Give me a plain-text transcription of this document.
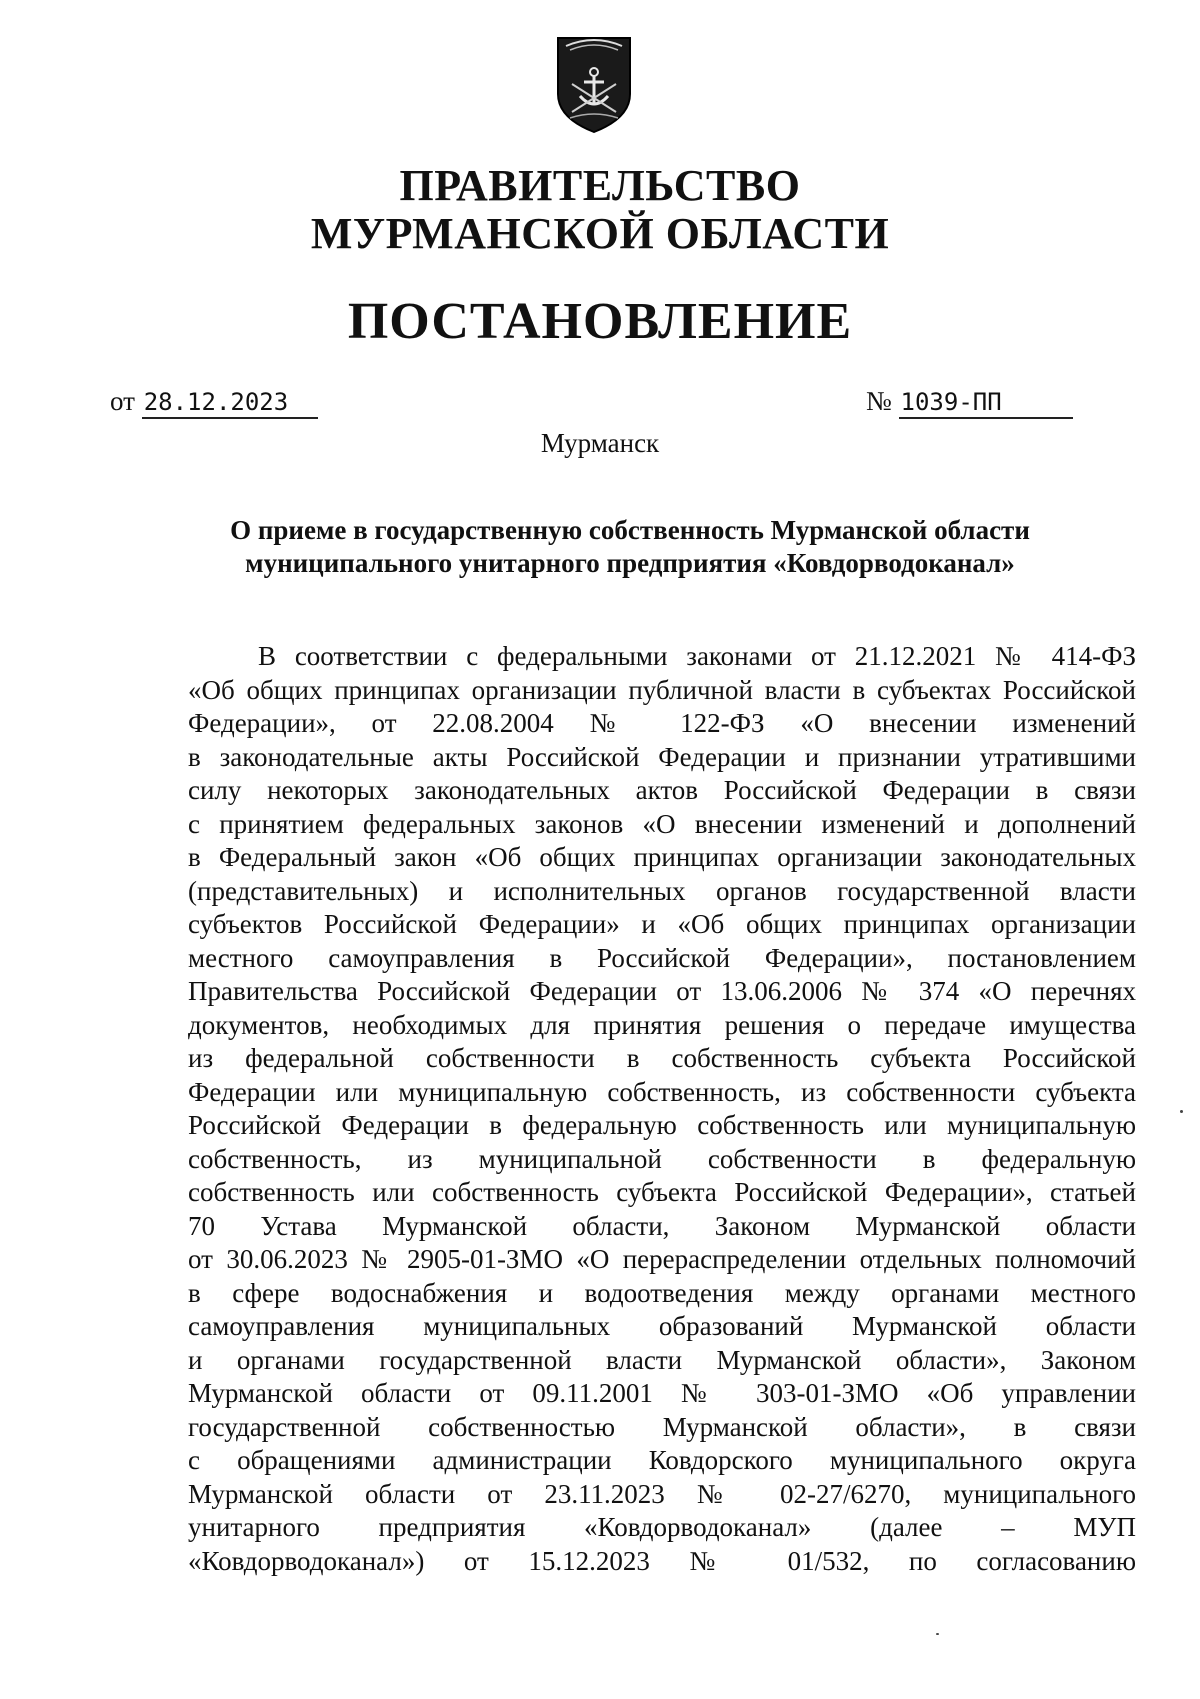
ПРАВИТЕЛЬСТВО
МУРМАНСКОЙ ОБЛАСТИ
ПОСТАНОВЛЕНИЕ
от 28.12.2023	№ 1039-ПП
Мурманск
О приеме в государственную собственность Мурманской области
муниципального унитарного предприятия «Ковдорводоканал»
В соответствии с федеральными законами от 21.12.2021 № 414-ФЗ
«Об общих принципах организации публичной власти в субъектах Российской
Федерации», от 22.08.2004 № 122-ФЗ «О внесении изменений
в законодательные акты Российской Федерации и признании утратившими
силу некоторых законодательных актов Российской Федерации в связи
с принятием федеральных законов «О внесении изменений и дополнений
в Федеральный закон «Об общих принципах организации законодательных
(представительных) и исполнительных органов государственной власти
субъектов Российской Федерации» и «Об общих принципах организации
местного самоуправления в Российской Федерации», постановлением
Правительства Российской Федерации от 13.06.2006 № 374 «О перечнях
документов, необходимых для принятия решения о передаче имущества
из федеральной собственности в собственность субъекта Российской
Федерации или муниципальную собственность, из собственности субъекта
Российской Федерации в федеральную собственность или муниципальную
собственность, из муниципальной собственности в федеральную
собственность или собственность субъекта Российской Федерации», статьей
70 Устава Мурманской области, Законом Мурманской области
от 30.06.2023 № 2905-01-ЗМО «О перераспределении отдельных полномочий
в сфере водоснабжения и водоотведения между органами местного
самоуправления муниципальных образований Мурманской области
и органами государственной власти Мурманской области», Законом
Мурманской области от 09.11.2001 № 303-01-ЗМО «Об управлении
государственной собственностью Мурманской области», в связи
с обращениями администрации Ковдорского муниципального округа
Мурманской области от 23.11.2023 № 02-27/6270, муниципального
унитарного предприятия «Ковдорводоканал» (далее – МУП
«Ковдорводоканал») от 15.12.2023 № 01/532, по согласованию
